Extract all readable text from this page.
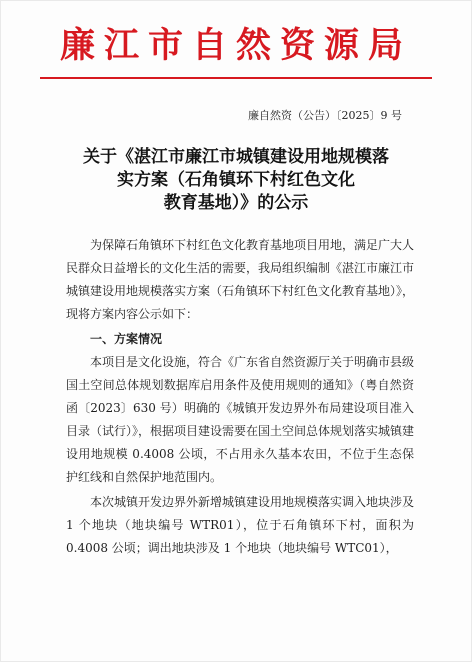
廉江市自然资源局
廉自然资（公告）〔2025〕9 号
关于《湛江市廉江市城镇建设用地规模落
实方案（石角镇环下村红色文化
教育基地）》的公示

为保障石角镇环下村红色文化教育基地项目用地，满足广大人民群众日益增长的文化生活的需要，我局组织编制《湛江市廉江市城镇建设用地规模落实方案（石角镇环下村红色文化教育基地）》，现将方案内容公示如下：

一、方案情况

本项目是文化设施，符合《广东省自然资源厅关于明确市县级国土空间总体规划数据库启用条件及使用规则的通知》（粤自然资函〔2023〕630 号）明确的《城镇开发边界外布局建设项目准入目录（试行）》，根据项目建设需要在国土空间总体规划落实城镇建设用地规模 0.4008 公顷，不占用永久基本农田，不位于生态保护红线和自然保护地范围内。

本次城镇开发边界外新增城镇建设用地规模落实调入地块涉及 1 个地块（地块编号 WTR01），位于石角镇环下村，面积为 0.4008 公顷；调出地块涉及 1 个地块（地块编号 WTC01），
